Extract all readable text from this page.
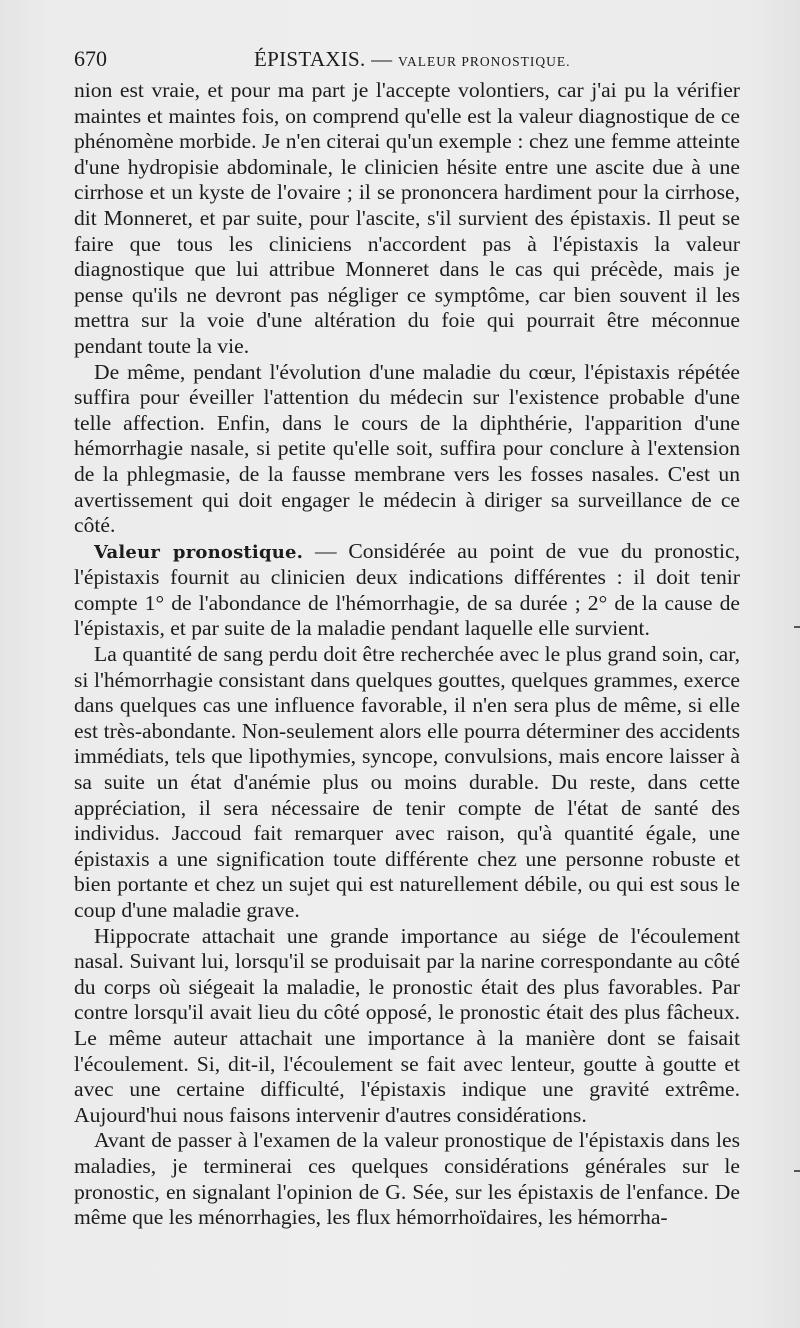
670	ÉPISTAXIS. — VALEUR PRONOSTIQUE.

nion est vraie, et pour ma part je l'accepte volontiers, car j'ai pu la vérifier maintes et maintes fois, on comprend qu'elle est la valeur diagnostique de ce phénomène morbide. Je n'en citerai qu'un exemple : chez une femme atteinte d'une hydropisie abdominale, le clinicien hésite entre une ascite due à une cirrhose et un kyste de l'ovaire ; il se prononcera hardiment pour la cirrhose, dit Monneret, et par suite, pour l'ascite, s'il survient des épistaxis. Il peut se faire que tous les cliniciens n'accordent pas à l'épistaxis la valeur diagnostique que lui attribue Monneret dans le cas qui précède, mais je pense qu'ils ne devront pas négliger ce symptôme, car bien souvent il les mettra sur la voie d'une altération du foie qui pourrait être méconnue pendant toute la vie.

De même, pendant l'évolution d'une maladie du cœur, l'épistaxis répétée suffira pour éveiller l'attention du médecin sur l'existence probable d'une telle affection. Enfin, dans le cours de la diphthérie, l'apparition d'une hémorrhagie nasale, si petite qu'elle soit, suffira pour conclure à l'extension de la phlegmasie, de la fausse membrane vers les fosses nasales. C'est un avertissement qui doit engager le médecin à diriger sa surveillance de ce côté.

Valeur pronostique. — Considérée au point de vue du pronostic, l'épistaxis fournit au clinicien deux indications différentes : il doit tenir compte 1° de l'abondance de l'hémorrhagie, de sa durée ; 2° de la cause de l'épistaxis, et par suite de la maladie pendant laquelle elle survient.

La quantité de sang perdu doit être recherchée avec le plus grand soin, car, si l'hémorrhagie consistant dans quelques gouttes, quelques grammes, exerce dans quelques cas une influence favorable, il n'en sera plus de même, si elle est très-abondante. Non-seulement alors elle pourra déterminer des accidents immédiats, tels que lipothymies, syncope, convulsions, mais encore laisser à sa suite un état d'anémie plus ou moins durable. Du reste, dans cette appréciation, il sera nécessaire de tenir compte de l'état de santé des individus. Jaccoud fait remarquer avec raison, qu'à quantité égale, une épistaxis a une signification toute différente chez une personne robuste et bien portante et chez un sujet qui est naturellement débile, ou qui est sous le coup d'une maladie grave.

Hippocrate attachait une grande importance au siége de l'écoulement nasal. Suivant lui, lorsqu'il se produisait par la narine correspondante au côté du corps où siégeait la maladie, le pronostic était des plus favorables. Par contre lorsqu'il avait lieu du côté opposé, le pronostic était des plus fâcheux. Le même auteur attachait une importance à la manière dont se faisait l'écoulement. Si, dit-il, l'écoulement se fait avec lenteur, goutte à goutte et avec une certaine difficulté, l'épistaxis indique une gravité extrême. Aujourd'hui nous faisons intervenir d'autres considérations.

Avant de passer à l'examen de la valeur pronostique de l'épistaxis dans les maladies, je terminerai ces quelques considérations générales sur le pronostic, en signalant l'opinion de G. Sée, sur les épistaxis de l'enfance. De même que les ménorrhagies, les flux hémorrhoïdaires, les hémorrha-
